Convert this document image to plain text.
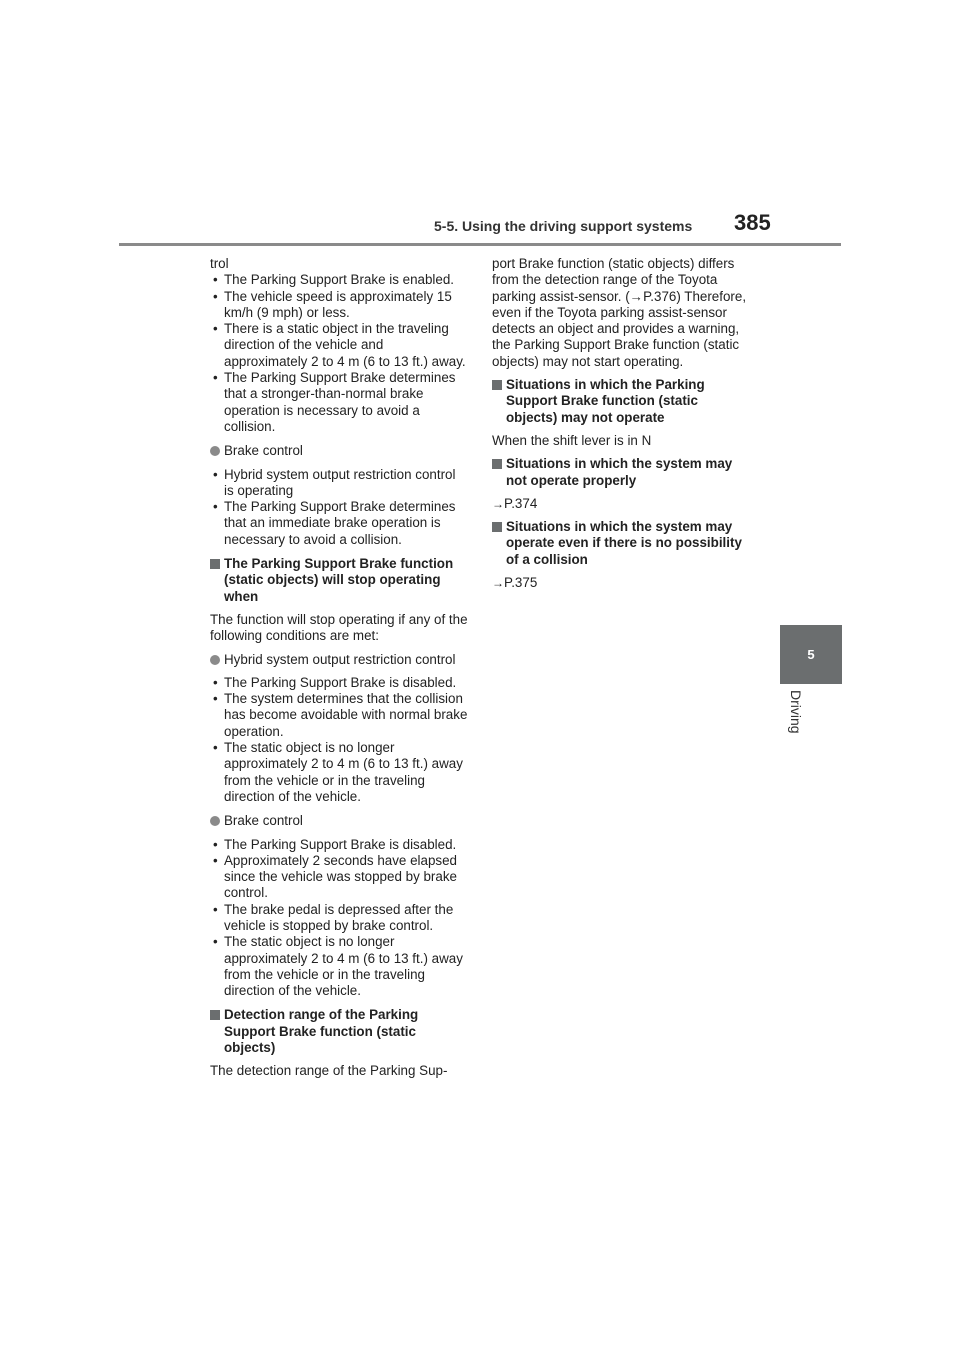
5-5. Using the driving support systems 385
5
Driving

trol

• The Parking Support Brake is enabled.
• The vehicle speed is approximately 15 km/h (9 mph) or less.
• There is a static object in the traveling direction of the vehicle and approximately 2 to 4 m (6 to 13 ft.) away.
• The Parking Support Brake determines that a stronger-than-normal brake operation is necessary to avoid a collision.

Brake control

• Hybrid system output restriction control is operating
• The Parking Support Brake determines that an immediate brake operation is necessary to avoid a collision.

The Parking Support Brake function (static objects) will stop operating when

The function will stop operating if any of the following conditions are met:

Hybrid system output restriction control

• The Parking Support Brake is disabled.
• The system determines that the collision has become avoidable with normal brake operation.
• The static object is no longer approximately 2 to 4 m (6 to 13 ft.) away from the vehicle or in the traveling direction of the vehicle.

Brake control

• The Parking Support Brake is disabled.
• Approximately 2 seconds have elapsed since the vehicle was stopped by brake control.
• The brake pedal is depressed after the vehicle is stopped by brake control.
• The static object is no longer approximately 2 to 4 m (6 to 13 ft.) away from the vehicle or in the traveling direction of the vehicle.

Detection range of the Parking Support Brake function (static objects)

The detection range of the Parking Sup-

port Brake function (static objects) differs from the detection range of the Toyota parking assist-sensor. (→P.376) Therefore, even if the Toyota parking assist-sensor detects an object and provides a warning, the Parking Support Brake function (static objects) may not start operating.

Situations in which the Parking Support Brake function (static objects) may not operate

When the shift lever is in N

Situations in which the system may not operate properly

→P.374

Situations in which the system may operate even if there is no possibility of a collision

→P.375
